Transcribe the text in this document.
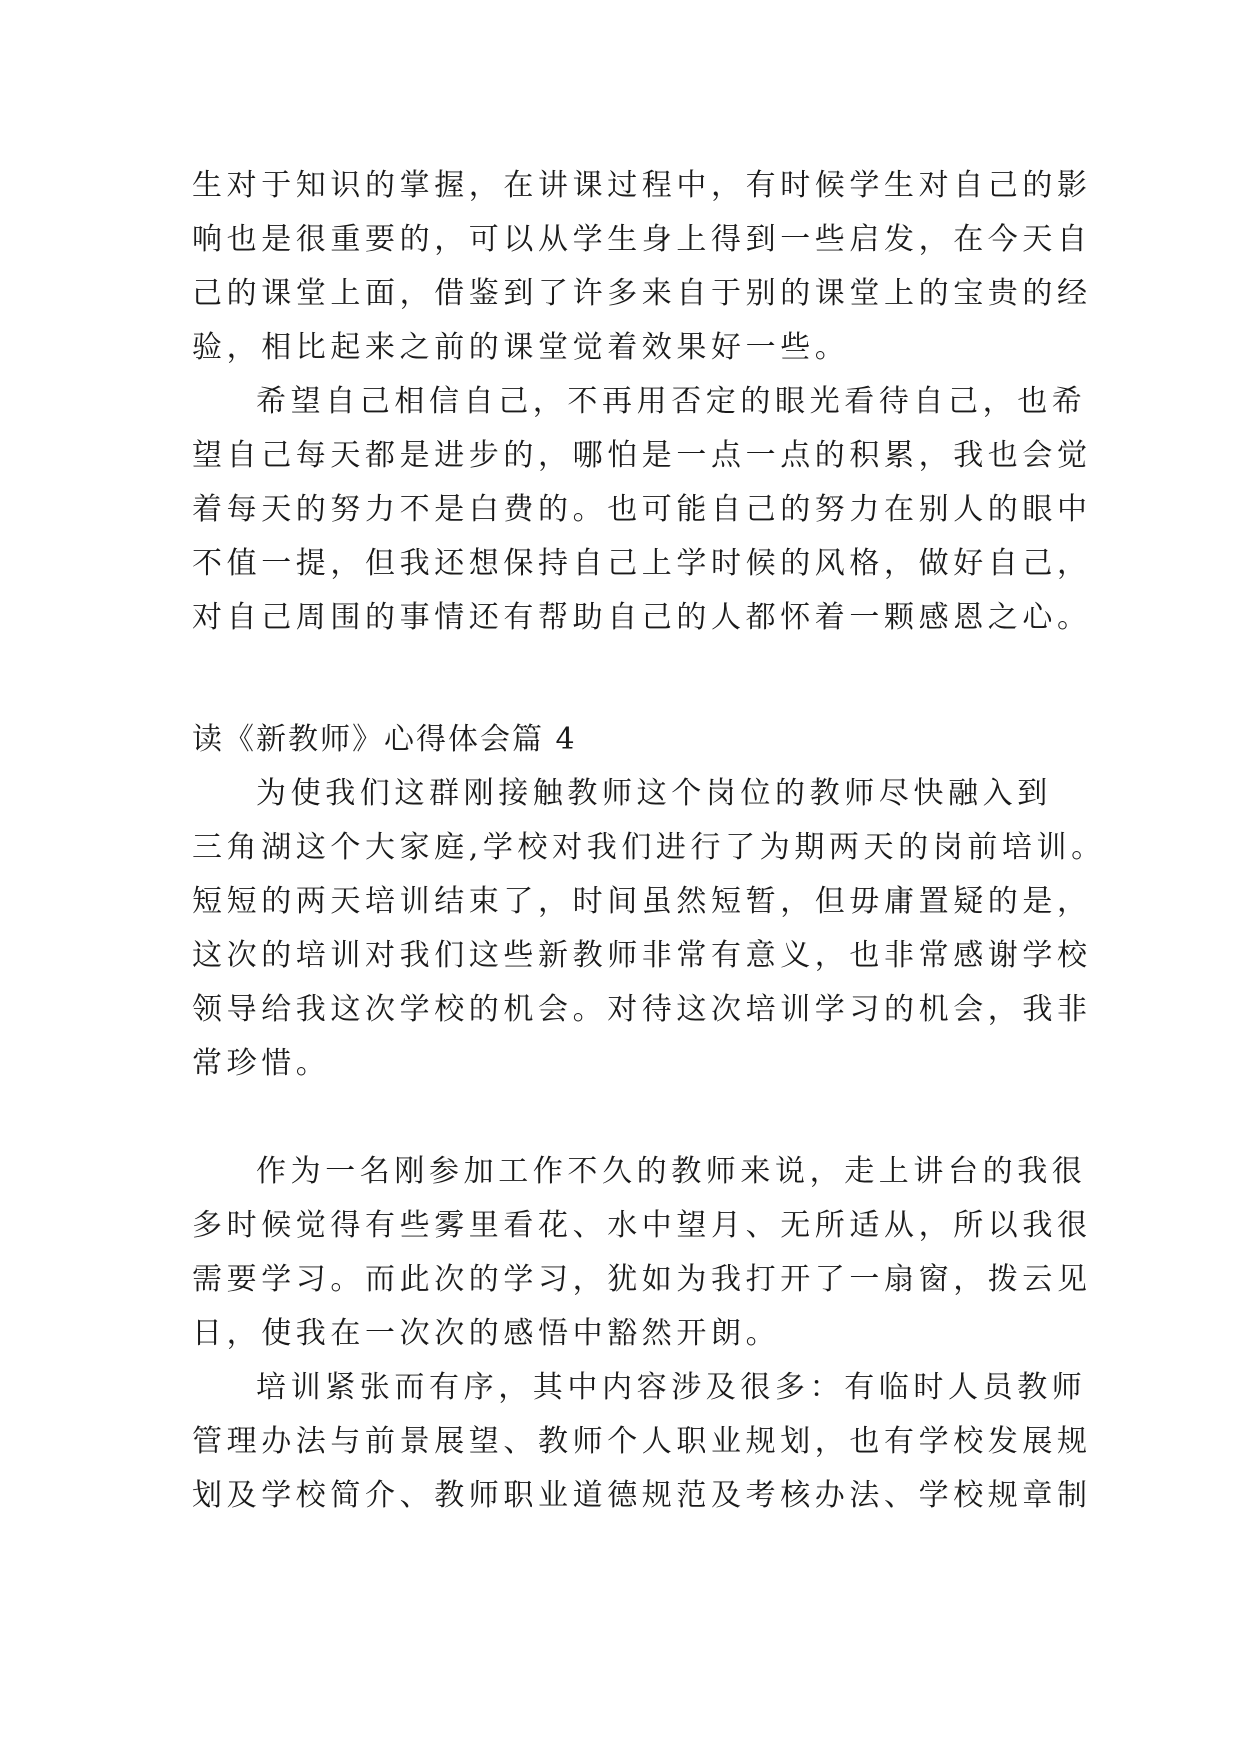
生对于知识的掌握，在讲课过程中，有时候学生对自己的影
响也是很重要的，可以从学生身上得到一些启发，在今天自
己的课堂上面，借鉴到了许多来自于别的课堂上的宝贵的经
验，相比起来之前的课堂觉着效果好一些。
希望自己相信自己，不再用否定的眼光看待自己，也希
望自己每天都是进步的，哪怕是一点一点的积累，我也会觉
着每天的努力不是白费的。也可能自己的努力在别人的眼中
不值一提，但我还想保持自己上学时候的风格，做好自己，
对自己周围的事情还有帮助自己的人都怀着一颗感恩之心。
读《新教师》心得体会篇 4
为使我们这群刚接触教师这个岗位的教师尽快融入到
三角湖这个大家庭,学校对我们进行了为期两天的岗前培训。
短短的两天培训结束了，时间虽然短暂，但毋庸置疑的是，
这次的培训对我们这些新教师非常有意义，也非常感谢学校
领导给我这次学校的机会。对待这次培训学习的机会，我非
常珍惜。
作为一名刚参加工作不久的教师来说，走上讲台的我很
多时候觉得有些雾里看花、水中望月、无所适从，所以我很
需要学习。而此次的学习，犹如为我打开了一扇窗，拨云见
日，使我在一次次的感悟中豁然开朗。
培训紧张而有序，其中内容涉及很多：有临时人员教师
管理办法与前景展望、教师个人职业规划，也有学校发展规
划及学校简介、教师职业道德规范及考核办法、学校规章制
